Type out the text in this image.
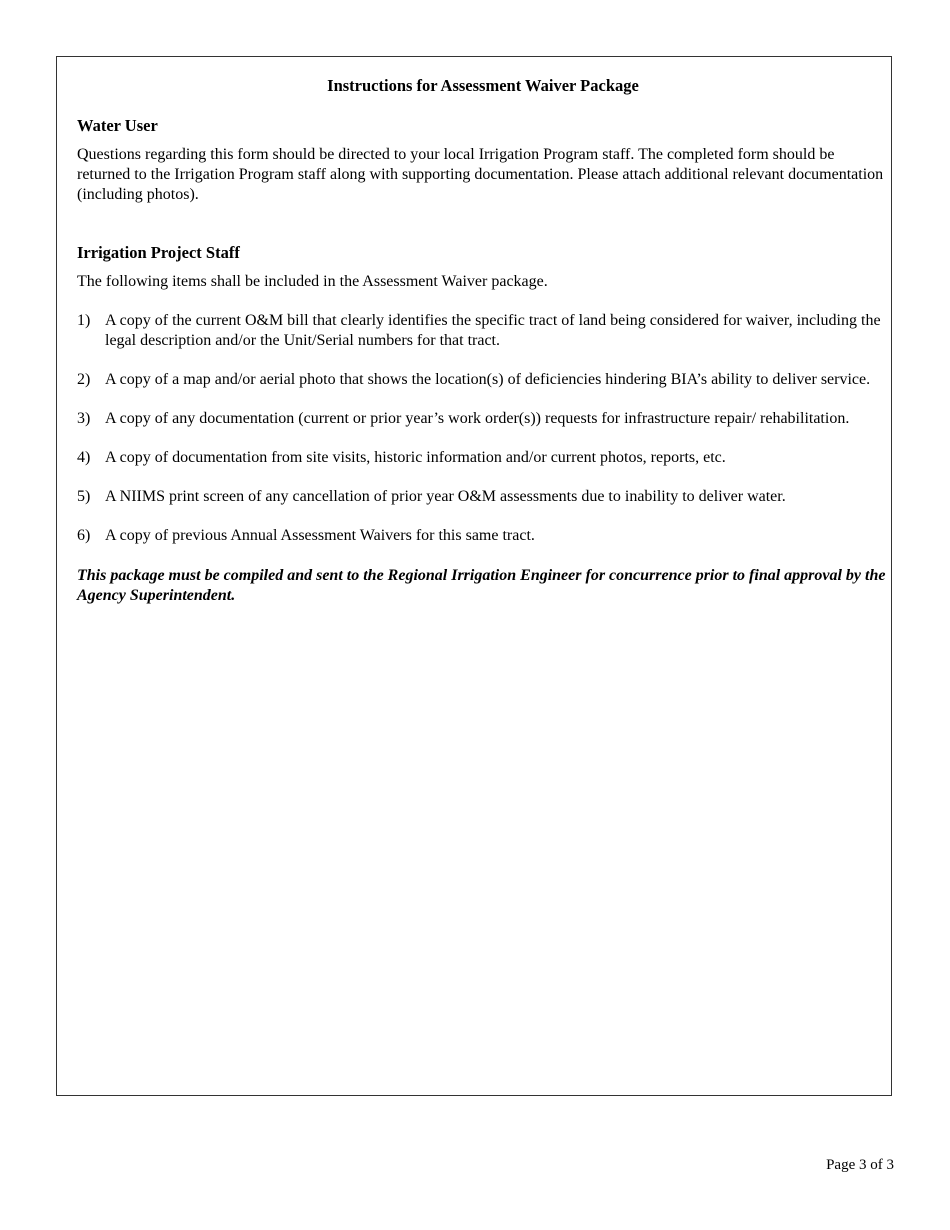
Instructions for Assessment Waiver Package
Water User

Questions regarding this form should be directed to your local Irrigation Program staff. The completed form should be returned to the Irrigation Program staff along with supporting documentation. Please attach additional relevant documentation (including photos).

Irrigation Project Staff

The following items shall be included in the Assessment Waiver package.

1) A copy of the current O&M bill that clearly identifies the specific tract of land being considered for waiver, including the legal description and/or the Unit/Serial numbers for that tract.
2) A copy of a map and/or aerial photo that shows the location(s) of deficiencies hindering BIA’s ability to deliver service.
3) A copy of any documentation (current or prior year’s work order(s)) requests for infrastructure repair/ rehabilitation.
4) A copy of documentation from site visits, historic information and/or current photos, reports, etc.
5) A NIIMS print screen of any cancellation of prior year O&M assessments due to inability to deliver water.
6) A copy of previous Annual Assessment Waivers for this same tract.

This package must be compiled and sent to the Regional Irrigation Engineer for concurrence prior to final approval by the Agency Superintendent.

Page 3 of 3
